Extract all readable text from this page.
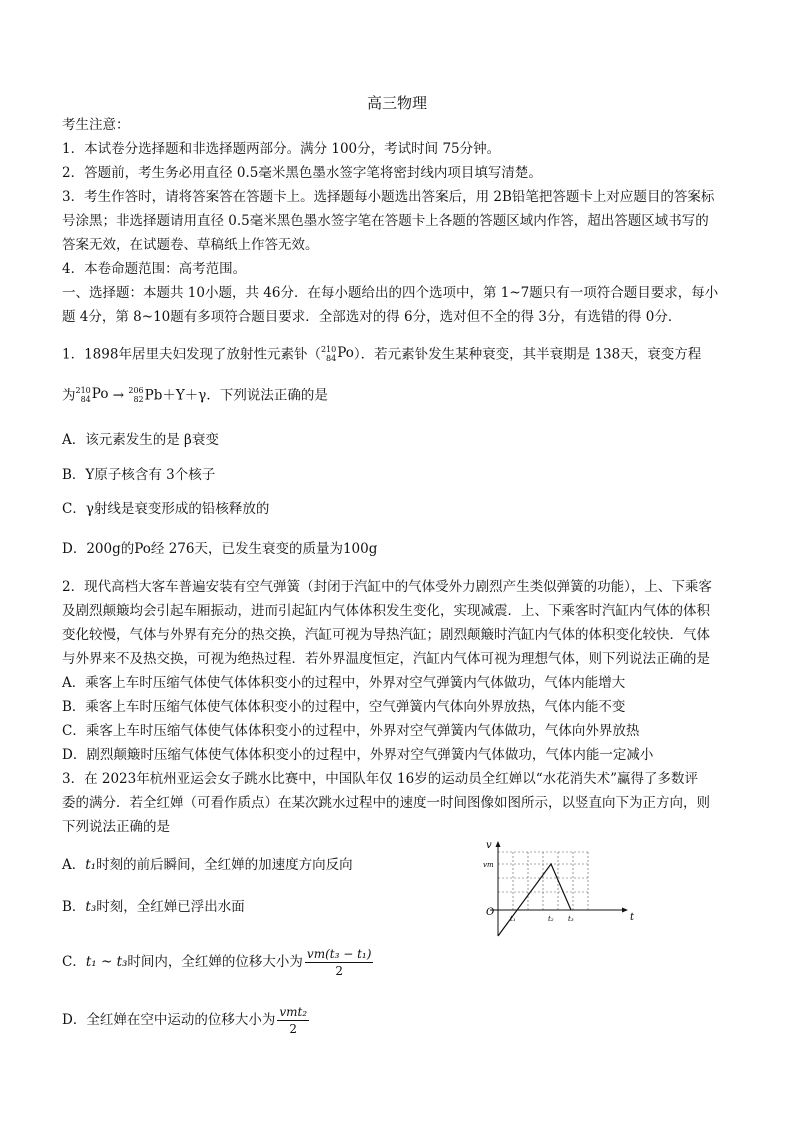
高三物理
考生注意：
1．本试卷分选择题和非选择题两部分。满分 100分，考试时间 75分钟。
2．答题前，考生务必用直径 0.5毫米黑色墨水签字笔将密封线内项目填写清楚。
3．考生作答时，请将答案答在答题卡上。选择题每小题选出答案后，用 2B铅笔把答题卡上对应题目的答案标
号涂黑；非选择题请用直径 0.5毫米黑色墨水签字笔在答题卡上各题的答题区域内作答，超出答题区域书写的
答案无效，在试题卷、草稿纸上作答无效。
4．本卷命题范围：高考范围。
一、选择题：本题共 10小题，共 46分．在每小题给出的四个选项中，第 1~7题只有一项符合题目要求，每小
题 4分，第 8~10题有多项符合题目要求．全部选对的得 6分，选对但不全的得 3分，有选错的得 0分．
1．1898年居里夫妇发现了放射性元素钋（ 210
84 Po）．若元素钋发生某种衰变，其半衰期是 138天，衰变方程
为 210
84 Po → 206
82 Pb＋Y＋γ．下列说法正确的是
A．该元素发生的是 β衰变
B．Y原子核含有 3个核子
C．γ射线是衰变形成的铅核释放的
D．200g的Po经 276天，已发生衰变的质量为100g
2．现代高档大客车普遍安装有空气弹簧（封闭于汽缸中的气体受外力剧烈产生类似弹簧的功能），上、下乘客
及剧烈颠簸均会引起车厢振动，进而引起缸内气体体积发生变化，实现减震．上、下乘客时汽缸内气体的体积
变化较慢，气体与外界有充分的热交换，汽缸可视为导热汽缸；剧烈颠簸时汽缸内气体的体积变化较快．气体
与外界来不及热交换，可视为绝热过程．若外界温度恒定，汽缸内气体可视为理想气体，则下列说法正确的是
A．乘客上车时压缩气体使气体体积变小的过程中，外界对空气弹簧内气体做功，气体内能增大
B．乘客上车时压缩气体使气体体积变小的过程中，空气弹簧内气体向外界放热，气体内能不变
C．乘客上车时压缩气体使气体体积变小的过程中，外界对空气弹簧内气体做功，气体向外界放热
D．剧烈颠簸时压缩气体使气体体积变小的过程中，外界对空气弹簧内气体做功，气体内能一定减小
3．在 2023年杭州亚运会女子跳水比赛中，中国队年仅 16岁的运动员全红婵以“水花消失术”赢得了多数评
委的满分．若全红婵（可看作质点）在某次跳水过程中的速度一时间图像如图所示，以竖直向下为正方向，则
下列说法正确的是
A．t₁时刻的前后瞬间，全红婵的加速度方向反向
B．t₃时刻，全红婵已浮出水面
C．t₁ ~ t₃时间内，全红婵的位移大小为 $\frac{\text{vm(t₃ − t₁)}}{2}$
D．全红婵在空中运动的位移大小为 $\frac{\text{vmt₂}}{2}$
v
t
O
vm
t₁	t₂ t₃
